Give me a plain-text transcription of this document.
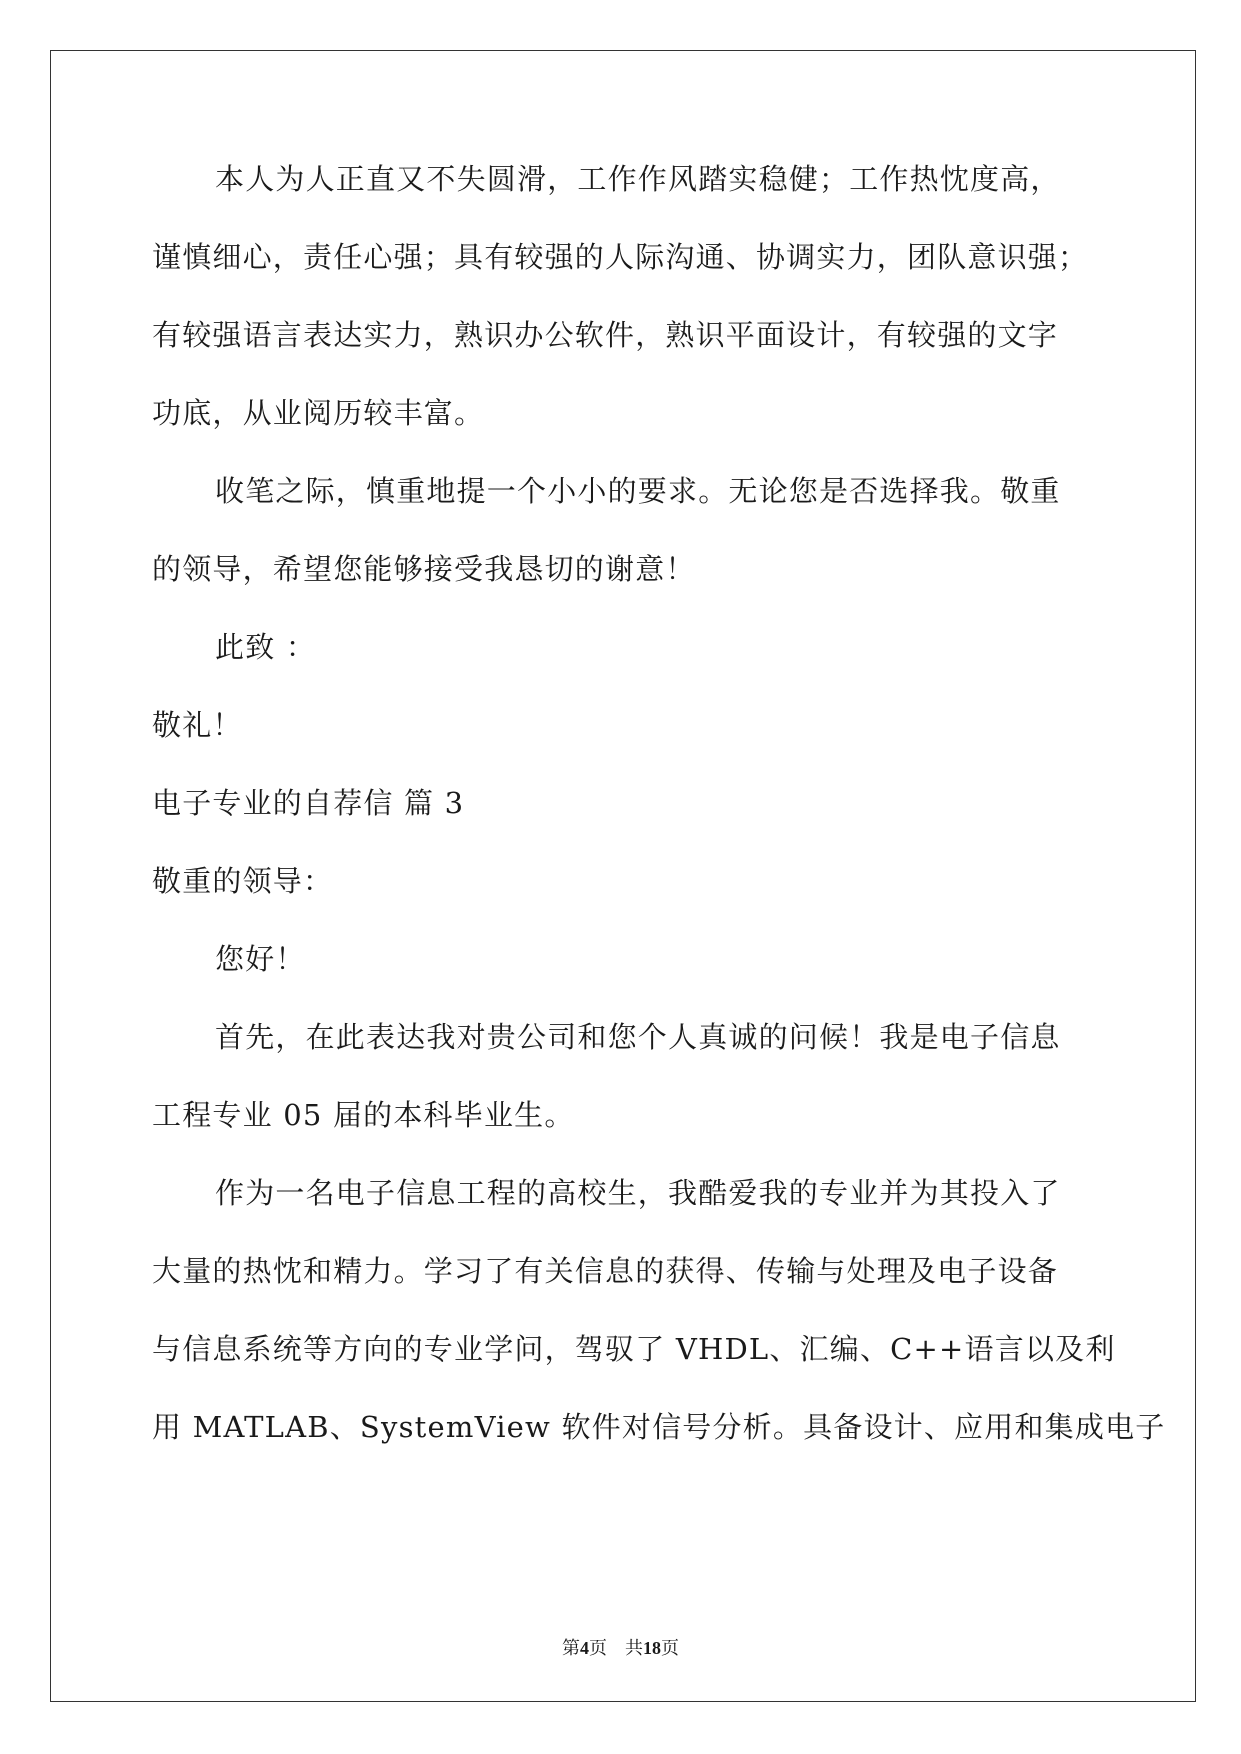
本人为人正直又不失圆滑，工作作风踏实稳健；工作热忱度高，
谨慎细心，责任心强；具有较强的人际沟通、协调实力，团队意识强；
有较强语言表达实力，熟识办公软件，熟识平面设计，有较强的文字
功底，从业阅历较丰富。
收笔之际，慎重地提一个小小的要求。无论您是否选择我。敬重
的领导，希望您能够接受我恳切的谢意！
此致 ：
敬礼！
电子专业的自荐信 篇 3
敬重的领导：
您好！
首先，在此表达我对贵公司和您个人真诚的问候！我是电子信息
工程专业 05 届的本科毕业生。
作为一名电子信息工程的高校生，我酷爱我的专业并为其投入了
大量的热忱和精力。学习了有关信息的获得、传输与处理及电子设备
与信息系统等方向的专业学问，驾驭了 VHDL、汇编、C++语言以及利
用 MATLAB、SystemView 软件对信号分析。具备设计、应用和集成电子
第4页 共18页
